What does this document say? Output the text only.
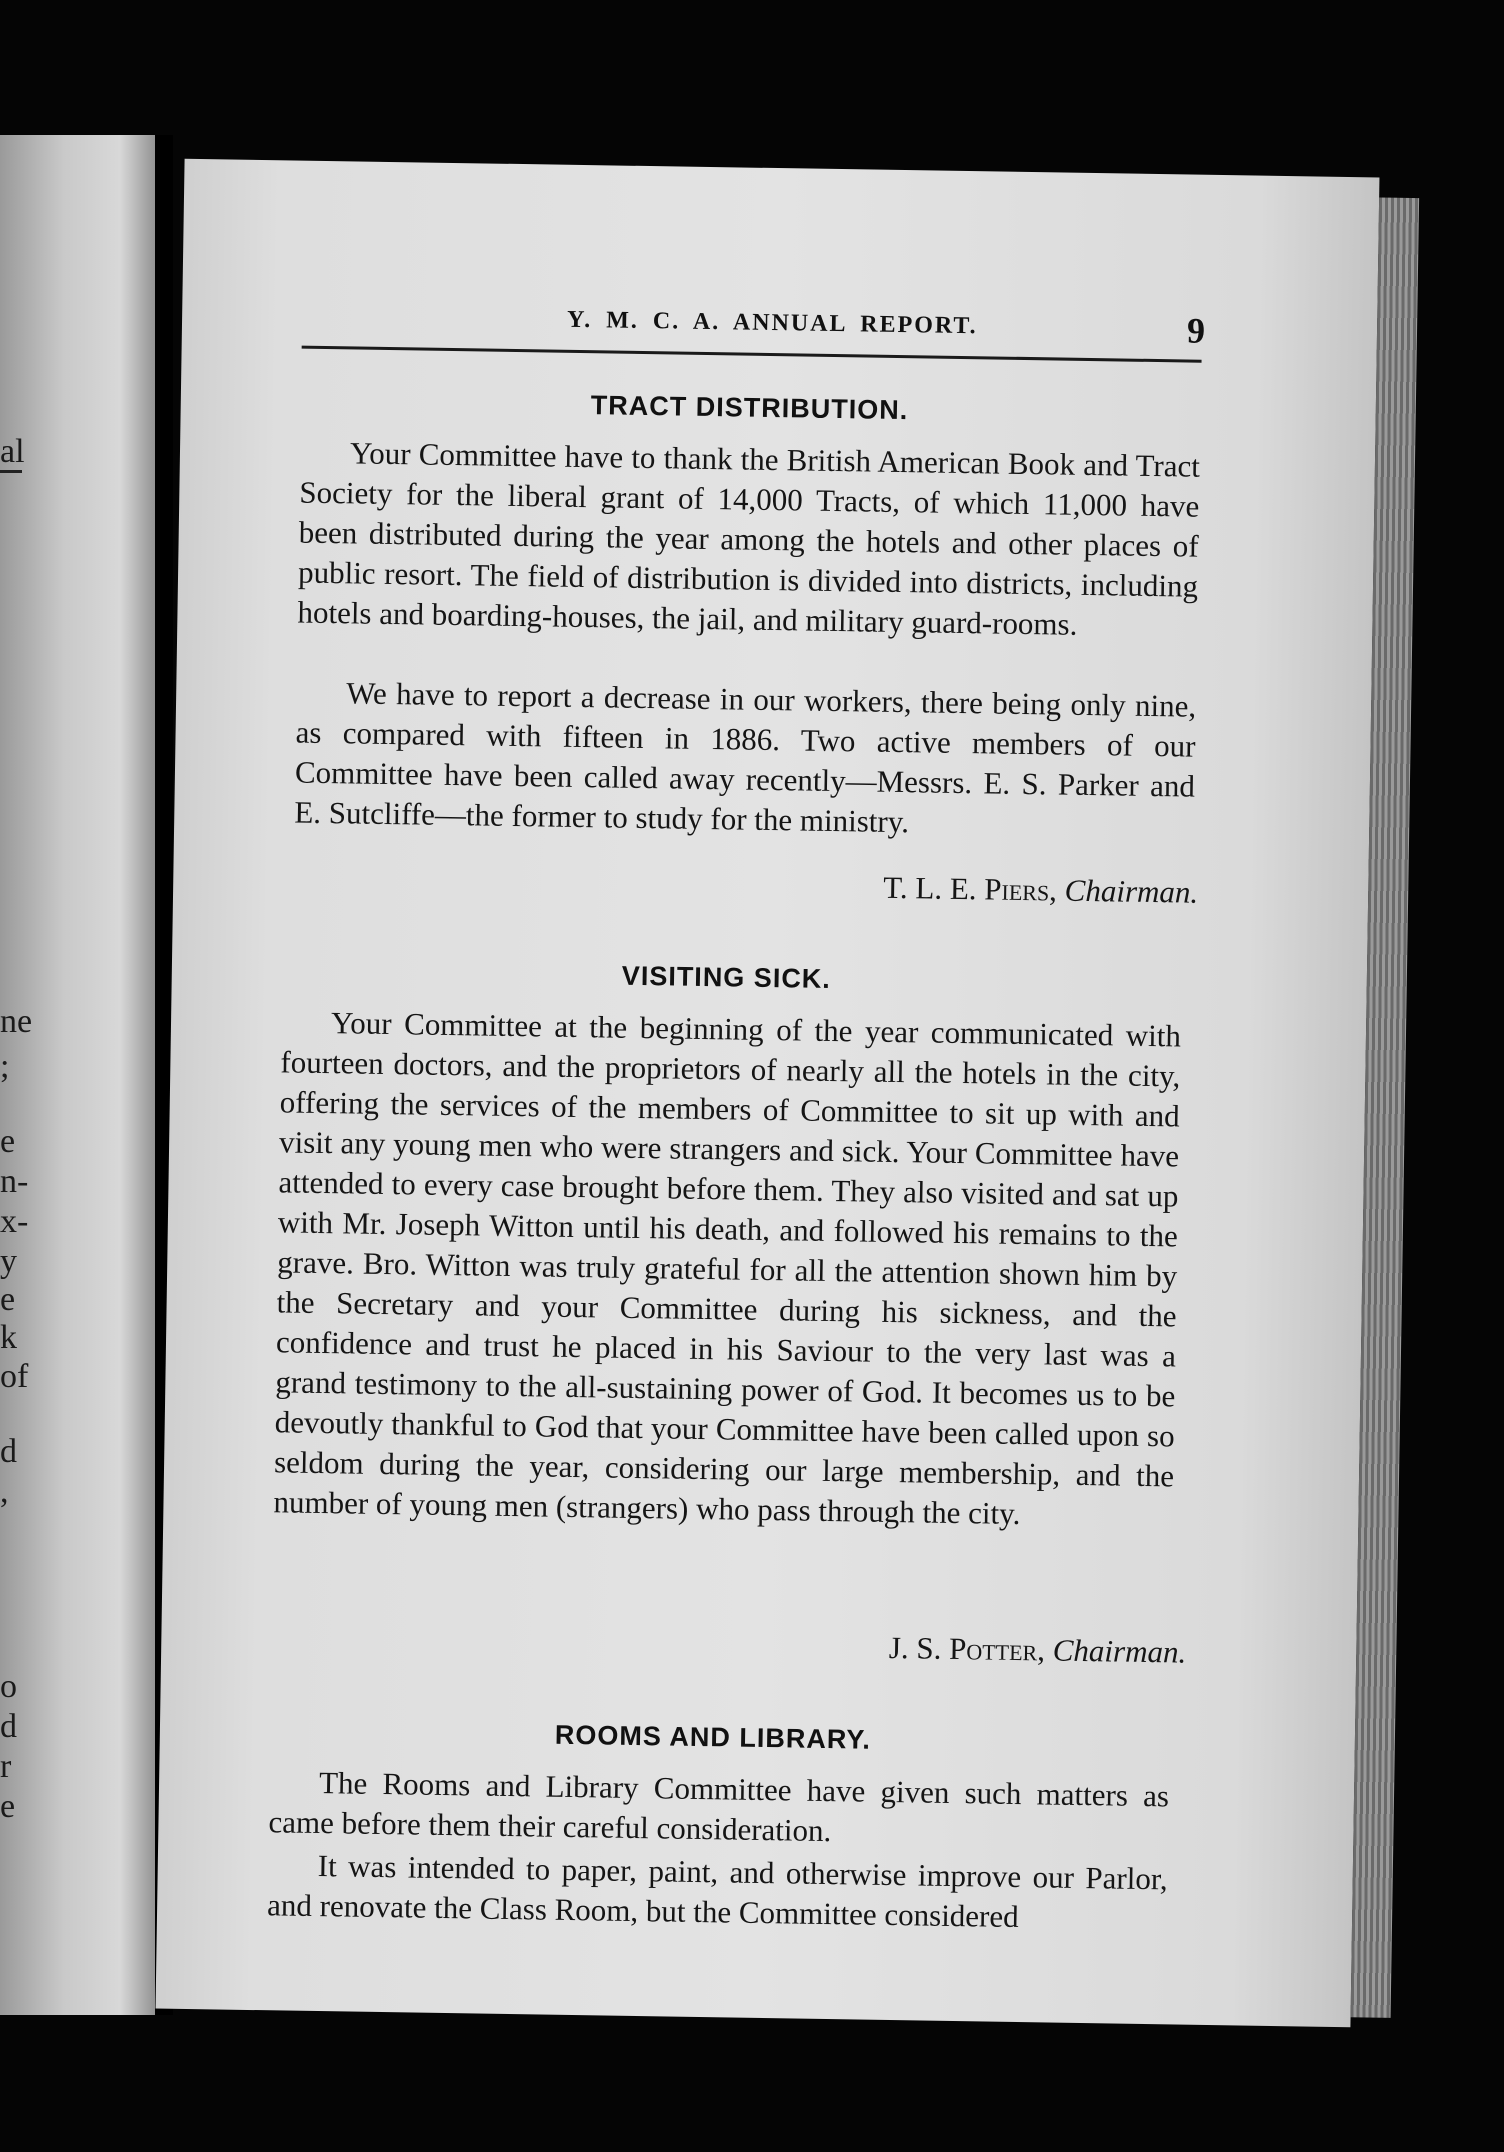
al
ne
;
e
n-
x-
y
e
k
of
d
,
o
d
r
e
Y. M. C. A. ANNUAL REPORT.	9
TRACT DISTRIBUTION.
Your Committee have to thank the British American Book and Tract Society for the liberal grant of 14,000 Tracts, of which 11,000 have been distributed during the year among the hotels and other places of public resort. The field of distribution is divided into districts, including hotels and boarding-houses, the jail, and military guard-rooms.
We have to report a decrease in our workers, there being only nine, as compared with fifteen in 1886. Two active members of our Committee have been called away recently—Messrs. E. S. Parker and E. Sutcliffe—the former to study for the ministry.
T. L. E. Piers, Chairman.
VISITING SICK.
Your Committee at the beginning of the year communicated with fourteen doctors, and the proprietors of nearly all the hotels in the city, offering the services of the members of Committee to sit up with and visit any young men who were strangers and sick. Your Committee have attended to every case brought before them. They also visited and sat up with Mr. Joseph Witton until his death, and followed his remains to the grave. Bro. Witton was truly grateful for all the attention shown him by the Secretary and your Committee during his sickness, and the confidence and trust he placed in his Saviour to the very last was a grand testimony to the all-sustaining power of God. It becomes us to be devoutly thankful to God that your Committee have been called upon so seldom during the year, considering our large membership, and the number of young men (strangers) who pass through the city.
J. S. Potter, Chairman.
ROOMS AND LIBRARY.
The Rooms and Library Committee have given such matters as came before them their careful consideration.
It was intended to paper, paint, and otherwise improve our Parlor, and renovate the Class Room, but the Committee considered
